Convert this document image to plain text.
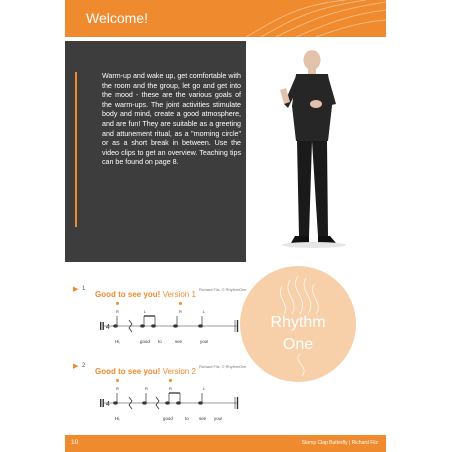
Welcome!

Warm-up and wake up, get comfortable with the room and the group, let go and get into the mood - these are the various goals of the warm-ups. The joint activities stimulate body and mind, create a good atmosphere, and are fun! They are suitable as a greeting and attunement ritual, as a "morning circle" or as a short break in between. Use the video clips to get an overview. Teaching tips can be found on page 8.

Rhythm
One
▶ 1
Good to see you! Version 1
Richard Filz, © RhythmOne
R	L	R	L
4
Hi,	good to	see	you!
▶ 2
Good to see you! Version 2
Richard Filz, © RhythmOne
R	R	R	L
4
Hi,	good	to see you!
10	Stomp Clap Butterfly | Richard Filz
